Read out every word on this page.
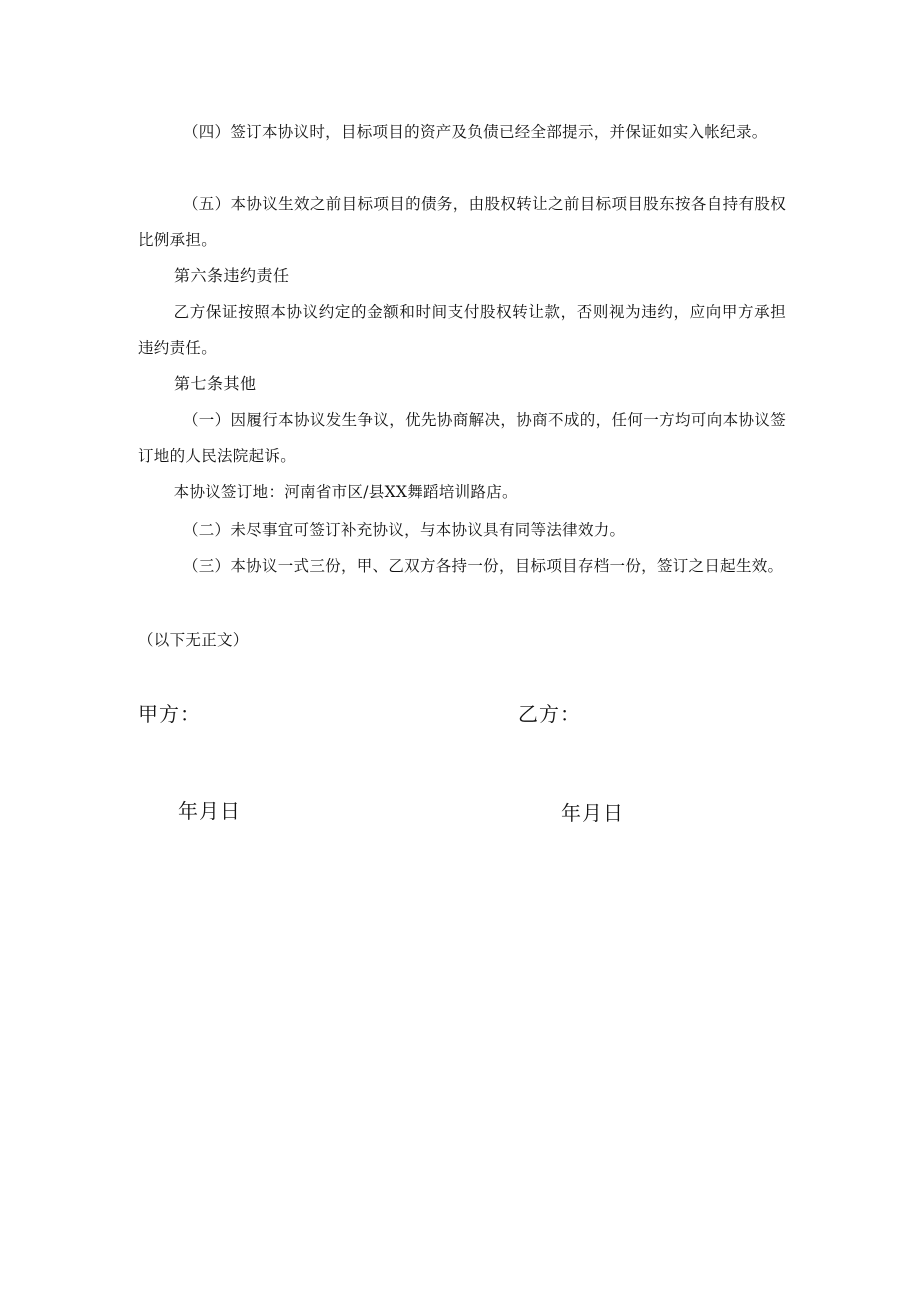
（四）签订本协议时，目标项目的资产及负债已经全部提示，并保证如实入帐纪录。

（五）本协议生效之前目标项目的债务，由股权转让之前目标项目股东按各自持有股权比例承担。

第六条违约责任

乙方保证按照本协议约定的金额和时间支付股权转让款，否则视为违约，应向甲方承担违约责任。

第七条其他

（一）因履行本协议发生争议，优先协商解决，协商不成的，任何一方均可向本协议签订地的人民法院起诉。

本协议签订地：河南省市区/县XX舞蹈培训路店。

（二）未尽事宜可签订补充协议，与本协议具有同等法律效力。

（三）本协议一式三份，甲、乙双方各持一份，目标项目存档一份，签订之日起生效。

（以下无正文）

甲方：	乙方：
年月日	年月日
